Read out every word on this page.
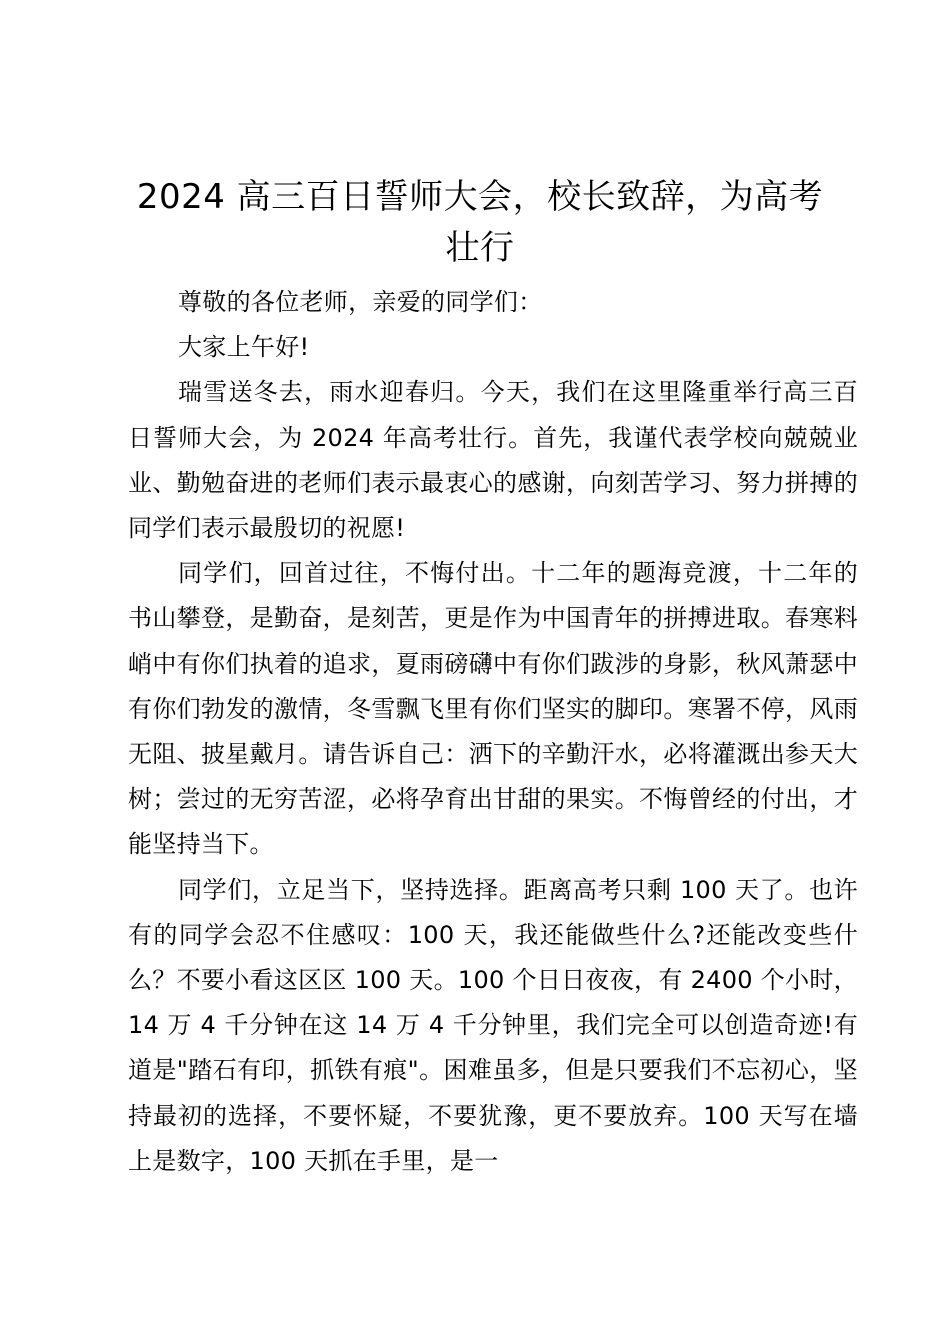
2024 高三百日誓师大会，校长致辞，为高考壮行

尊敬的各位老师，亲爱的同学们：

大家上午好!

瑞雪送冬去，雨水迎春归。今天，我们在这里隆重举行高三百日誓师大会，为 2024 年高考壮行。首先，我谨代表学校向兢兢业业、勤勉奋进的老师们表示最衷心的感谢，向刻苦学习、努力拼搏的同学们表示最殷切的祝愿!

同学们，回首过往，不悔付出。十二年的题海竞渡，十二年的书山攀登，是勤奋，是刻苦，更是作为中国青年的拼搏进取。春寒料峭中有你们执着的追求，夏雨磅礴中有你们跋涉的身影，秋风萧瑟中有你们勃发的激情，冬雪飘飞里有你们坚实的脚印。寒署不停，风雨无阻、披星戴月。请告诉自己：洒下的辛勤汗水，必将灌溉出参天大树；尝过的无穷苦涩，必将孕育出甘甜的果实。不悔曾经的付出，才能坚持当下。

同学们，立足当下，坚持选择。距离高考只剩 100 天了。也许有的同学会忍不住感叹：100 天，我还能做些什么?还能改变些什么？不要小看这区区 100 天。100 个日日夜夜，有 2400 个小时，14 万 4 千分钟在这 14 万 4 千分钟里，我们完全可以创造奇迹!有道是"踏石有印，抓铁有痕"。困难虽多，但是只要我们不忘初心，坚持最初的选择，不要怀疑，不要犹豫，更不要放弃。100 天写在墙上是数字，100 天抓在手里，是一
